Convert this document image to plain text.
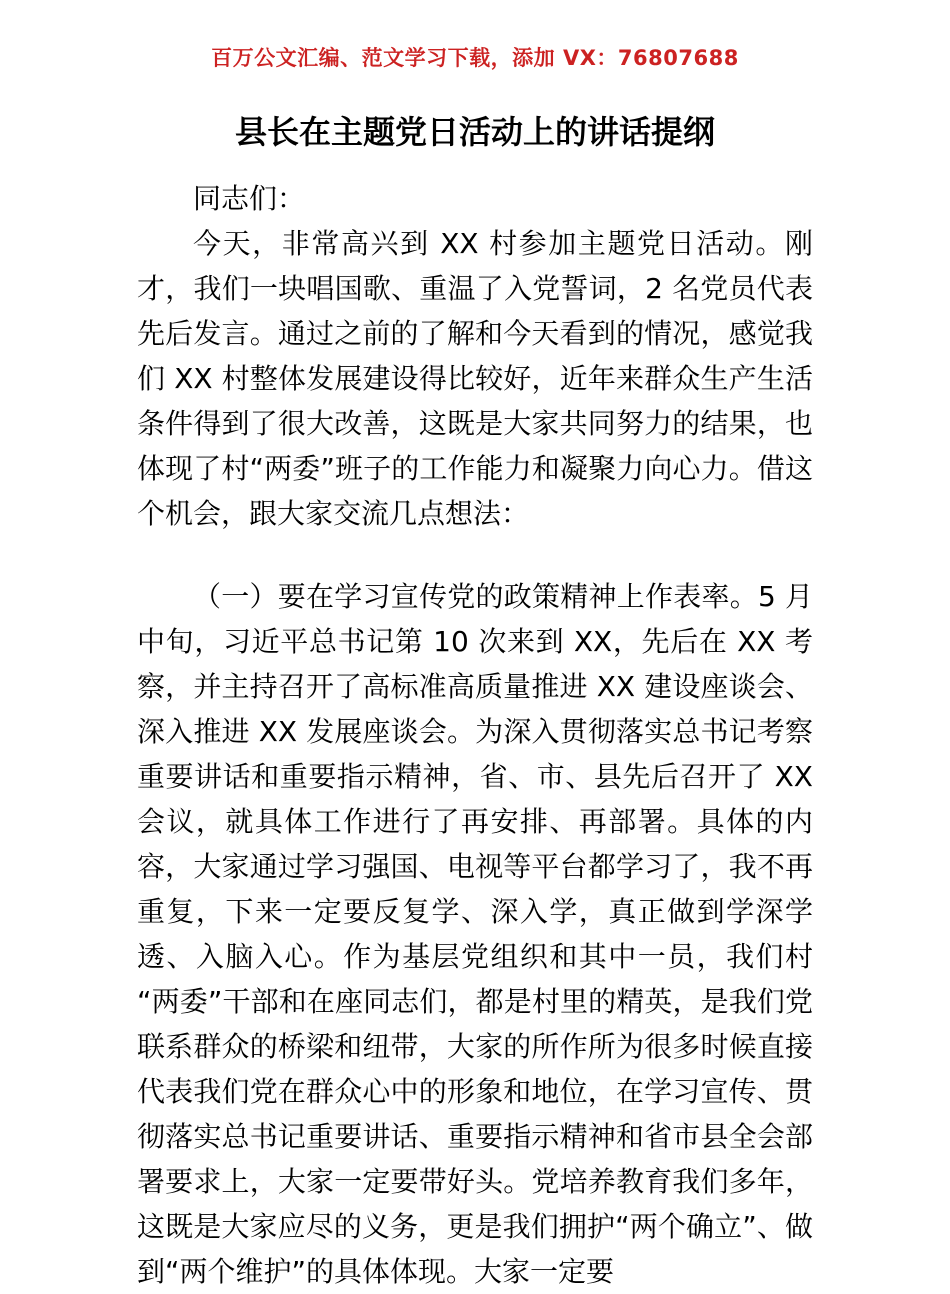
百万公文汇编、范文学习下载，添加 VX：76807688
县长在主题党日活动上的讲话提纲

同志们：

今天，非常高兴到 XX 村参加主题党日活动。刚才，我们一块唱国歌、重温了入党誓词，2 名党员代表先后发言。通过之前的了解和今天看到的情况，感觉我们 XX 村整体发展建设得比较好，近年来群众生产生活条件得到了很大改善，这既是大家共同努力的结果，也体现了村“两委”班子的工作能力和凝聚力向心力。借这个机会，跟大家交流几点想法：

（一）要在学习宣传党的政策精神上作表率。5 月中旬，习近平总书记第 10 次来到 XX，先后在 XX 考察，并主持召开了高标准高质量推进 XX 建设座谈会、深入推进 XX 发展座谈会。为深入贯彻落实总书记考察重要讲话和重要指示精神，省、市、县先后召开了 XX 会议，就具体工作进行了再安排、再部署。具体的内容，大家通过学习强国、电视等平台都学习了，我不再重复，下来一定要反复学、深入学，真正做到学深学透、入脑入心。作为基层党组织和其中一员，我们村“两委”干部和在座同志们，都是村里的精英，是我们党联系群众的桥梁和纽带，大家的所作所为很多时候直接代表我们党在群众心中的形象和地位，在学习宣传、贯彻落实总书记重要讲话、重要指示精神和省市县全会部署要求上，大家一定要带好头。党培养教育我们多年，这既是大家应尽的义务，更是我们拥护“两个确立”、做到“两个维护”的具体体现。大家一定要
